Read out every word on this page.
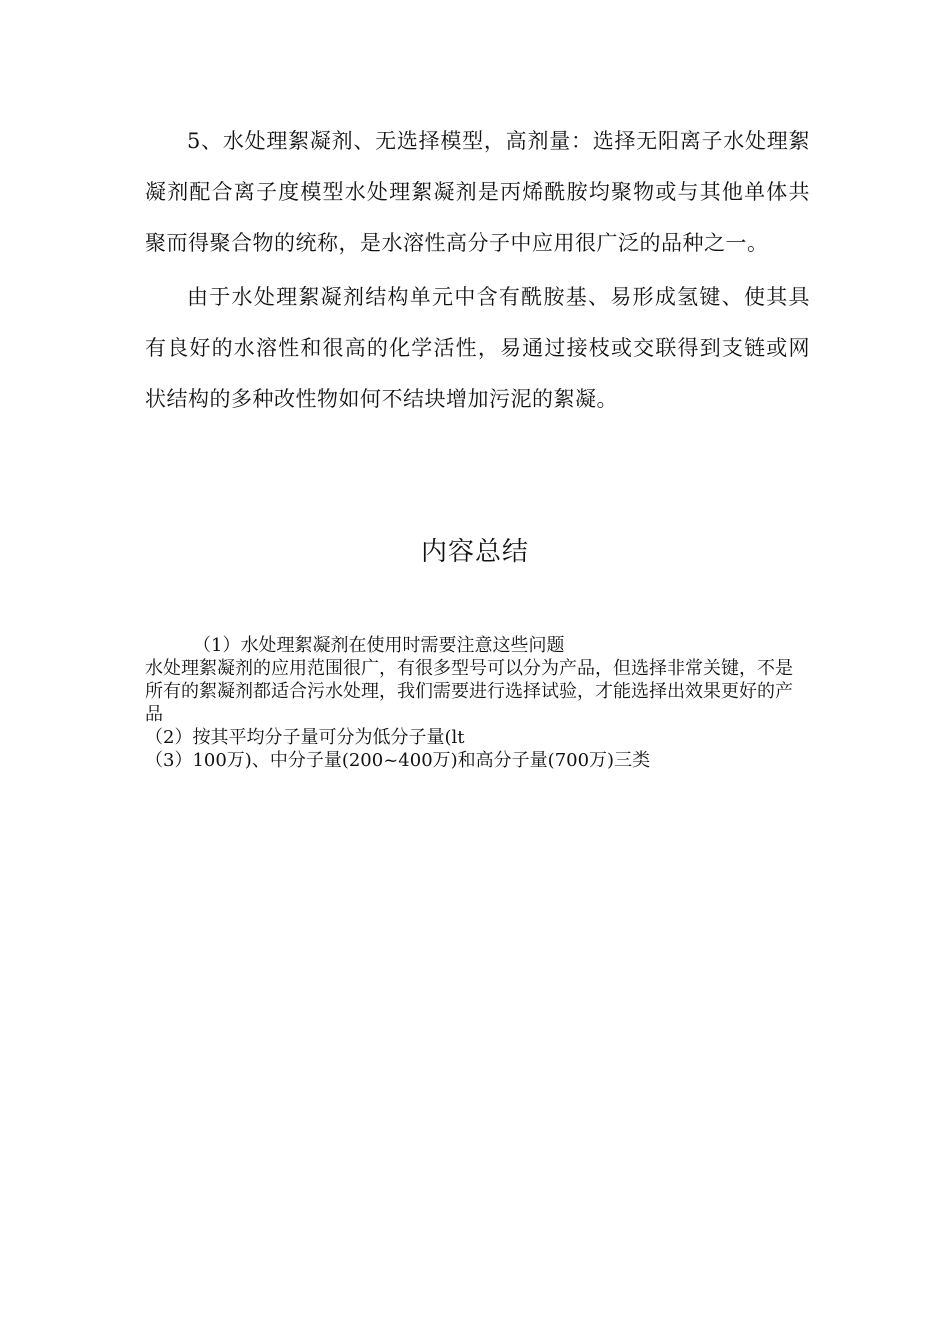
5、水处理絮凝剂、无选择模型，高剂量：选择无阳离子水处理絮凝剂配合离子度模型水处理絮凝剂是丙烯酰胺均聚物或与其他单体共聚而得聚合物的统称，是水溶性高分子中应用很广泛的品种之一。

由于水处理絮凝剂结构单元中含有酰胺基、易形成氢键、使其具有良好的水溶性和很高的化学活性，易通过接枝或交联得到支链或网状结构的多种改性物如何不结块增加污泥的絮凝。

内容总结

（1）水处理絮凝剂在使用时需要注意这些问题

水处理絮凝剂的应用范围很广，有很多型号可以分为产品，但选择非常关键，不是所有的絮凝剂都适合污水处理，我们需要进行选择试验，才能选择出效果更好的产品

（2）按其平均分子量可分为低分子量(lt

（3）100万)、中分子量(200~400万)和高分子量(700万)三类
